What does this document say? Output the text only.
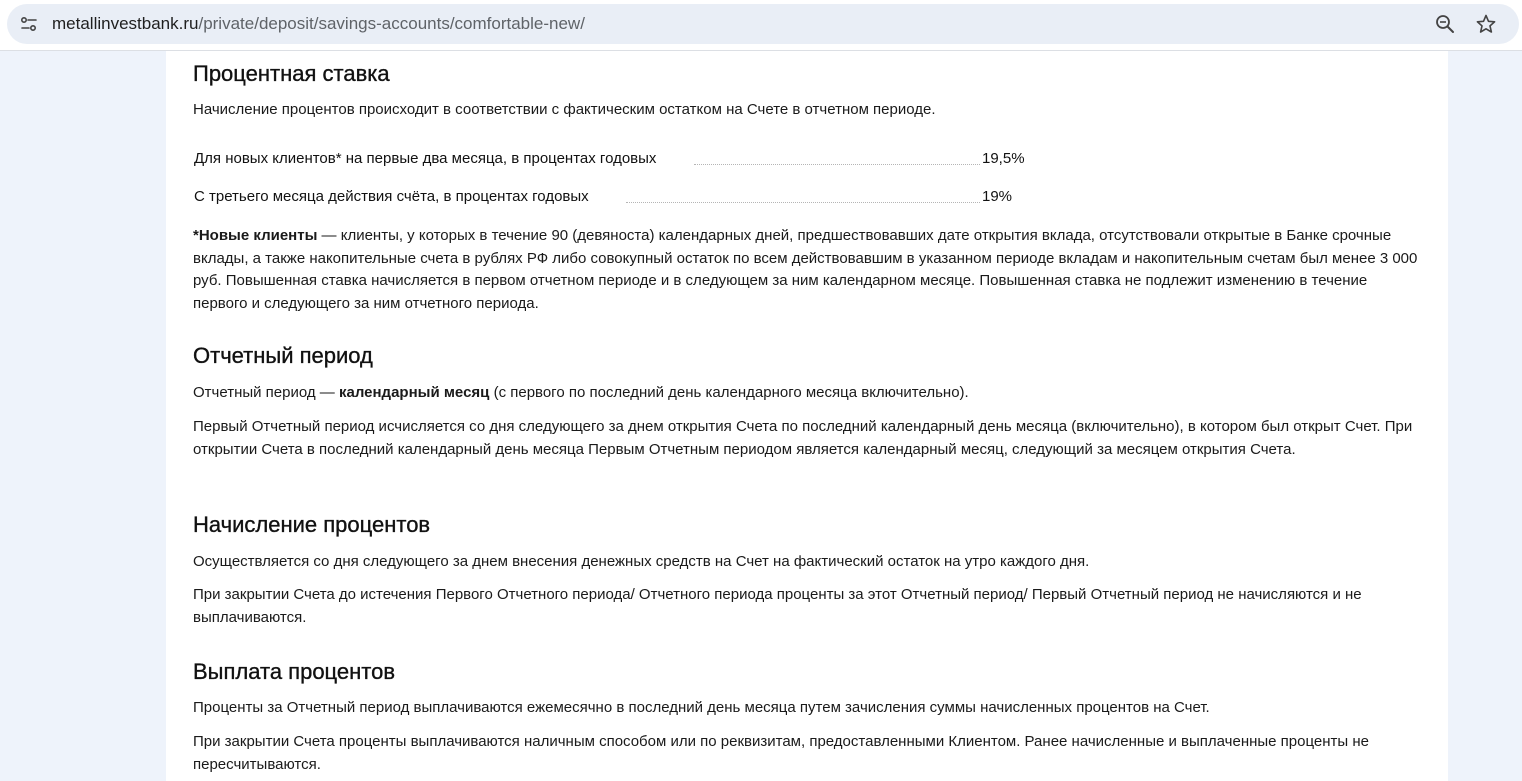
metallinvestbank.ru/private/deposit/savings-accounts/comfortable-new/
Процентная ставка

Начисление процентов происходит в соответствии с фактическим остатком на Счете в отчетном периоде.

Для новых клиентов* на первые два месяца, в процентах годовых	19,5%
С третьего месяца действия счёта, в процентах годовых	19%

*Новые клиенты — клиенты, у которых в течение 90 (девяноста) календарных дней, предшествовавших дате открытия вклада, отсутствовали открытые в Банке срочные вклады, а также накопительные счета в рублях РФ либо совокупный остаток по всем действовавшим в указанном периоде вкладам и накопительным счетам был менее 3 000 руб. Повышенная ставка начисляется в первом отчетном периоде и в следующем за ним календарном месяце. Повышенная ставка не подлежит изменению в течение первого и следующего за ним отчетного периода.

Отчетный период

Отчетный период — календарный месяц (с первого по последний день календарного месяца включительно).

Первый Отчетный период исчисляется со дня следующего за днем открытия Счета по последний календарный день месяца (включительно), в котором был открыт Счет. При открытии Счета в последний календарный день месяца Первым Отчетным периодом является календарный месяц, следующий за месяцем открытия Счета.

Начисление процентов

Осуществляется со дня следующего за днем внесения денежных средств на Счет на фактический остаток на утро каждого дня.

При закрытии Счета до истечения Первого Отчетного периода/ Отчетного периода проценты за этот Отчетный период/ Первый Отчетный период не начисляются и не выплачиваются.

Выплата процентов

Проценты за Отчетный период выплачиваются ежемесячно в последний день месяца путем зачисления суммы начисленных процентов на Счет.

При закрытии Счета проценты выплачиваются наличным способом или по реквизитам, предоставленными Клиентом. Ранее начисленные и выплаченные проценты не пересчитываются.
